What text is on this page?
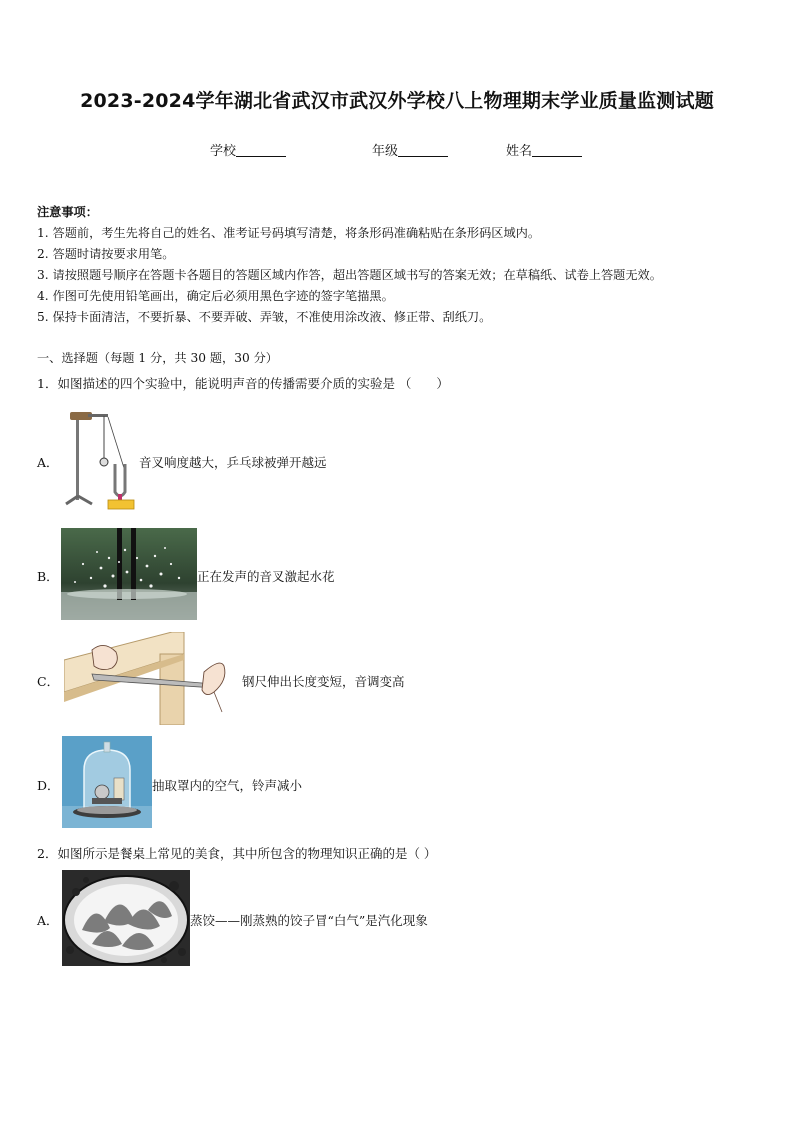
2023-2024学年湖北省武汉市武汉外学校八上物理期末学业质量监测试题
学校	年级	姓名
注意事项：
1. 答题前，考生先将自己的姓名、准考证号码填写清楚，将条形码准确粘贴在条形码区域内。
2. 答题时请按要求用笔。
3. 请按照题号顺序在答题卡各题目的答题区域内作答，超出答题区域书写的答案无效；在草稿纸、试卷上答题无效。
4. 作图可先使用铅笔画出，确定后必须用黑色字迹的签字笔描黑。
5. 保持卡面清洁，不要折暴、不要弄破、弄皱，不准使用涂改液、修正带、刮纸刀。
一、选择题（每题 1 分，共 30 题，30 分）
1．如图描述的四个实验中，能说明声音的传播需要介质的实验是 （　　）
A．	音叉响度越大，乒乓球被弹开越远
B．	正在发声的音叉激起水花
C．	钢尺伸出长度变短，音调变高
D．	抽取罩内的空气，铃声减小
2．如图所示是餐桌上常见的美食，其中所包含的物理知识正确的是（ ）
A．	蒸饺——刚蒸熟的饺子冒“白气”是汽化现象
